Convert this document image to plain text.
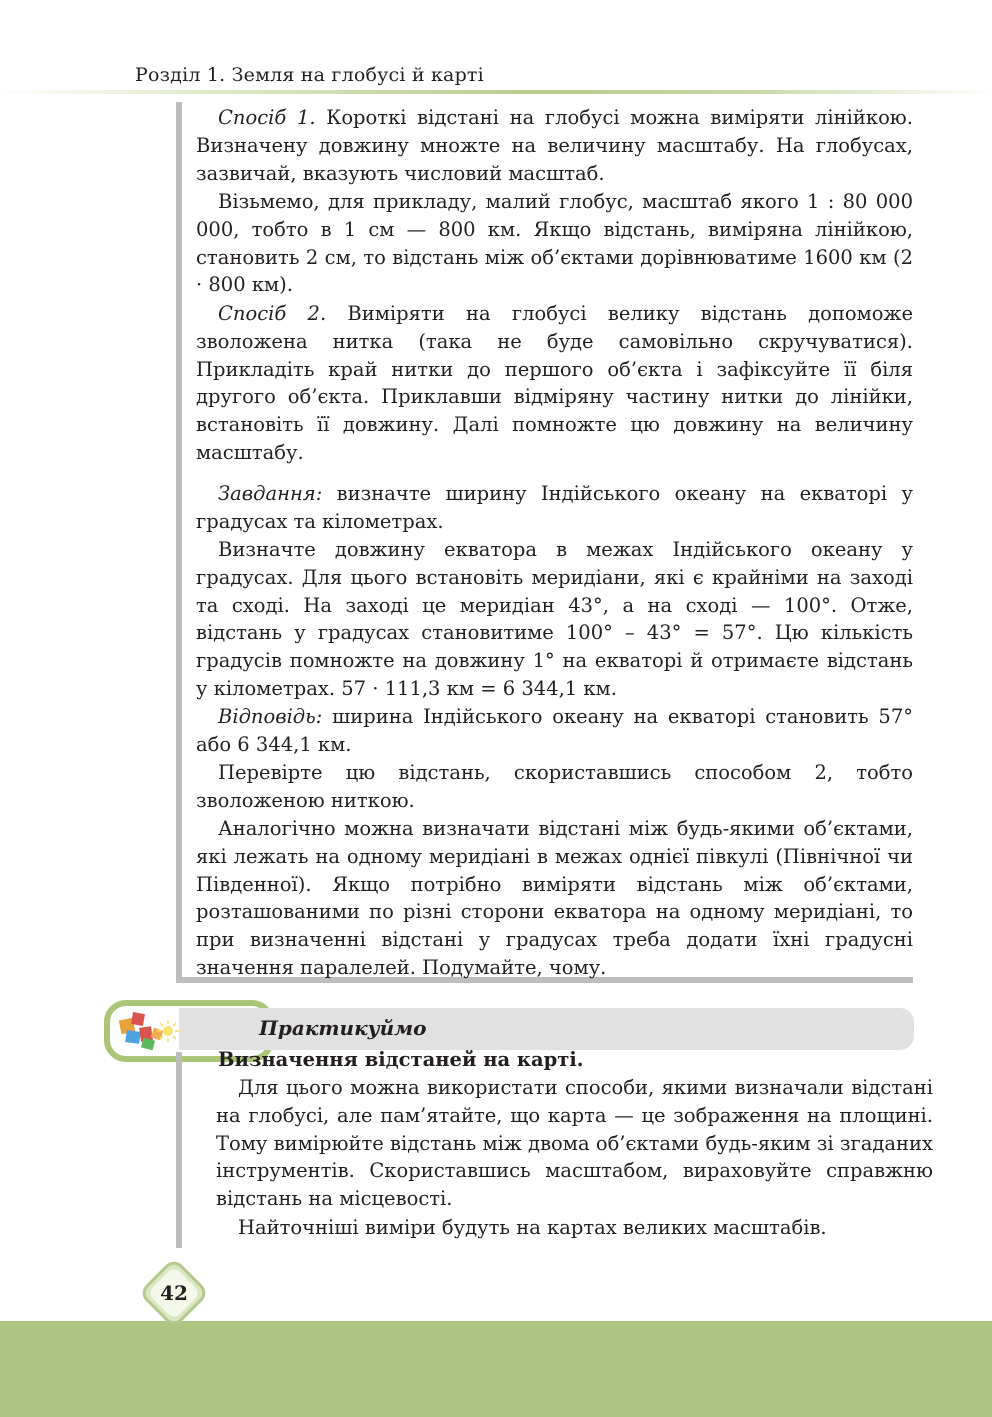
Розділ 1. Земля на глобусі й карті
Спосіб 1. Короткі відстані на глобусі можна виміряти лінійкою. Визначену довжину множте на величину масштабу. На глобусах, зазвичай, вказують числовий масштаб.
Візьмемо, для прикладу, малий глобус, масштаб якого 1 : 80 000 000, тобто в 1 см — 800 км. Якщо відстань, виміряна лінійкою, становить 2 см, то відстань між об’єктами дорівнюватиме 1600 км (2 · 800 км).
Спосіб 2. Виміряти на глобусі велику відстань допоможе зволожена нитка (така не буде самовільно скручуватися). Прикладіть край нитки до першого об’єкта і зафіксуйте її біля другого об’єкта. Приклавши відміряну частину нитки до лінійки, встановіть її довжину. Далі помножте цю довжину на величину масштабу.
Завдання: визначте ширину Індійського океану на екваторі у градусах та кілометрах.
Визначте довжину екватора в межах Індійського океану у градусах. Для цього встановіть меридіани, які є крайніми на заході та сході. На заході це меридіан 43°, а на сході — 100°. Отже, відстань у градусах становитиме 100° – 43° = 57°. Цю кількість градусів помножте на довжину 1° на екваторі й отримаєте відстань у кілометрах. 57 · 111,3 км = 6 344,1 км.
Відповідь: ширина Індійського океану на екваторі становить 57° або 6 344,1 км.
Перевірте цю відстань, скориставшись способом 2, тобто зволоженою ниткою.
Аналогічно можна визначати відстані між будь-якими об’єктами, які лежать на одному меридіані в межах однієї півкулі (Північної чи Південної). Якщо потрібно виміряти відстань між об’єктами, розташованими по різні сторони екватора на одному меридіані, то при визначенні відстані у градусах треба додати їхні градусні значення паралелей. Подумайте, чому.
Практикуймо
Визначення відстаней на карті.
Для цього можна використати способи, якими визначали відстані на глобусі, але пам’ятайте, що карта — це зображення на площині. Тому вимірюйте відстань між двома об’єктами будь-яким зі згаданих інструментів. Скориставшись масштабом, вираховуйте справжню відстань на місцевості.
Найточніші виміри будуть на картах великих масштабів.
42
